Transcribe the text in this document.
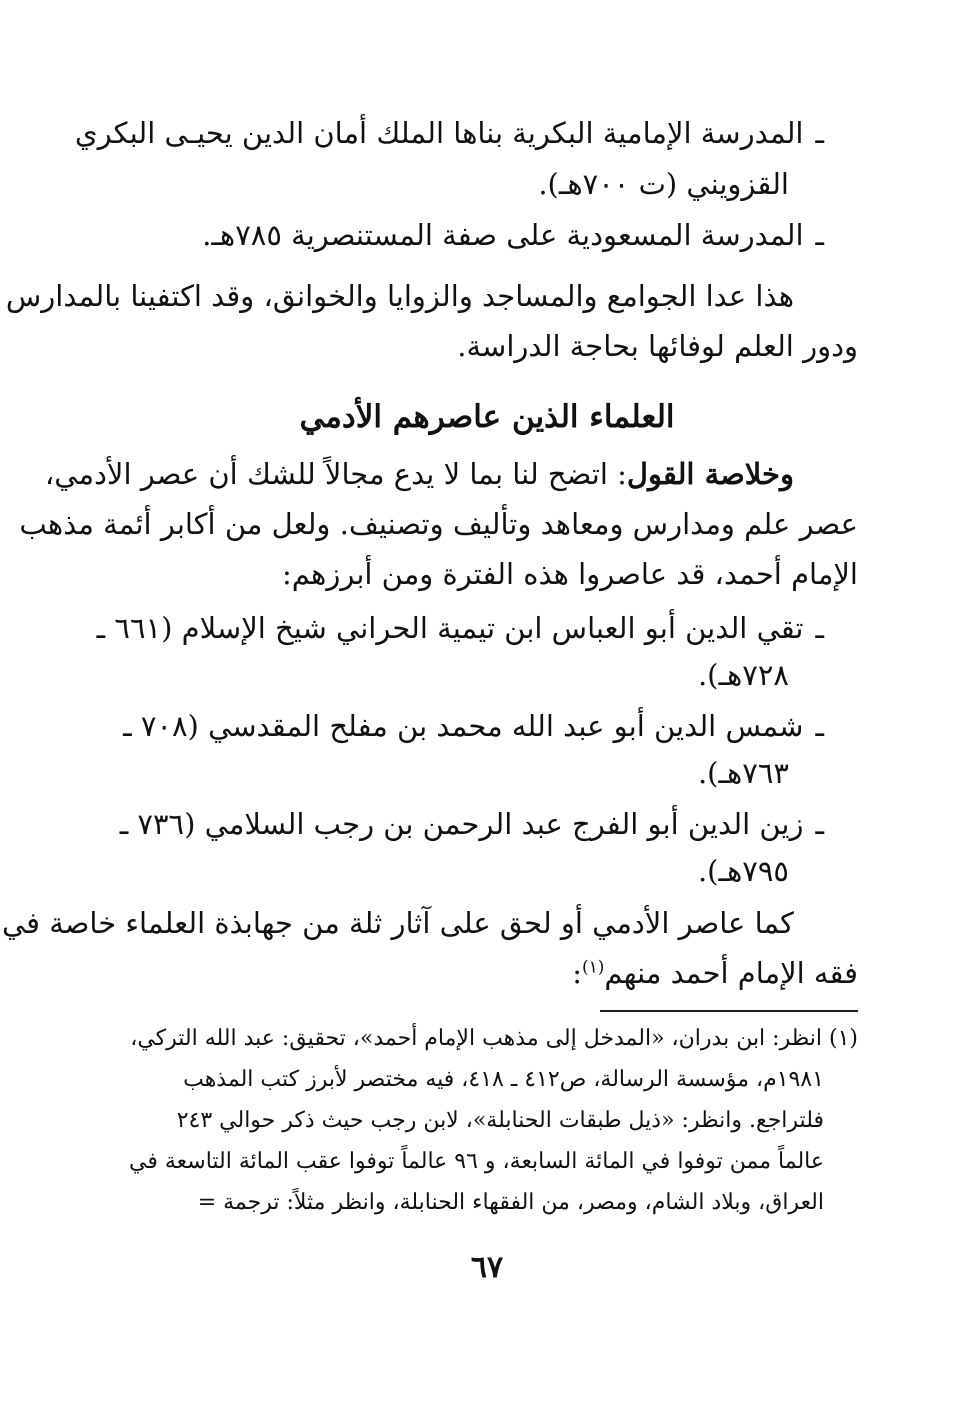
ـالمدرسة الإمامية البكرية بناها الملك أمان الدين يحيـى البكري
القزويني (ت ٧٠٠هـ).
ـالمدرسة المسعودية على صفة المستنصرية ٧٨٥هـ.
هذا عدا الجوامع والمساجد والزوايا والخوانق، وقد اكتفينا بالمدارس
ودور العلم لوفائها بحاجة الدراسة.
العلماء الذين عاصرهم الأدمي
وخلاصة القول: اتضح لنا بما لا يدع مجالاً للشك أن عصر الأدمي،
عصر علم ومدارس ومعاهد وتأليف وتصنيف. ولعل من أكابر أئمة مذهب
الإمام أحمد، قد عاصروا هذه الفترة ومن أبرزهم:
ـتقي الدين أبو العباس ابن تيمية الحراني شيخ الإسلام (٦٦١ ـ
٧٢٨هـ).
ـشمس الدين أبو عبد الله محمد بن مفلح المقدسي (٧٠٨ ـ
٧٦٣هـ).
ـزين الدين أبو الفرج عبد الرحمن بن رجب السلامي (٧٣٦ ـ
٧٩٥هـ).
كما عاصر الأدمي أو لحق على آثار ثلة من جهابذة العلماء خاصة في
فقه الإمام أحمد منهم$^{(١)}$:
(١) انظر: ابن بدران، «المدخل إلى مذهب الإمام أحمد»، تحقيق: عبد الله التركي،
١٩٨١م، مؤسسة الرسالة، ص٤١٢ ـ ٤١٨، فيه مختصر لأبرز كتب المذهب
فلتراجع. وانظر: «ذيل طبقات الحنابلة»، لابن رجب حيث ذكر حوالي ٢٤٣
عالماً ممن توفوا في المائة السابعة، و ٩٦ عالماً توفوا عقب المائة التاسعة في
العراق، وبلاد الشام، ومصر، من الفقهاء الحنابلة، وانظر مثلاً: ترجمة =
٦٧
